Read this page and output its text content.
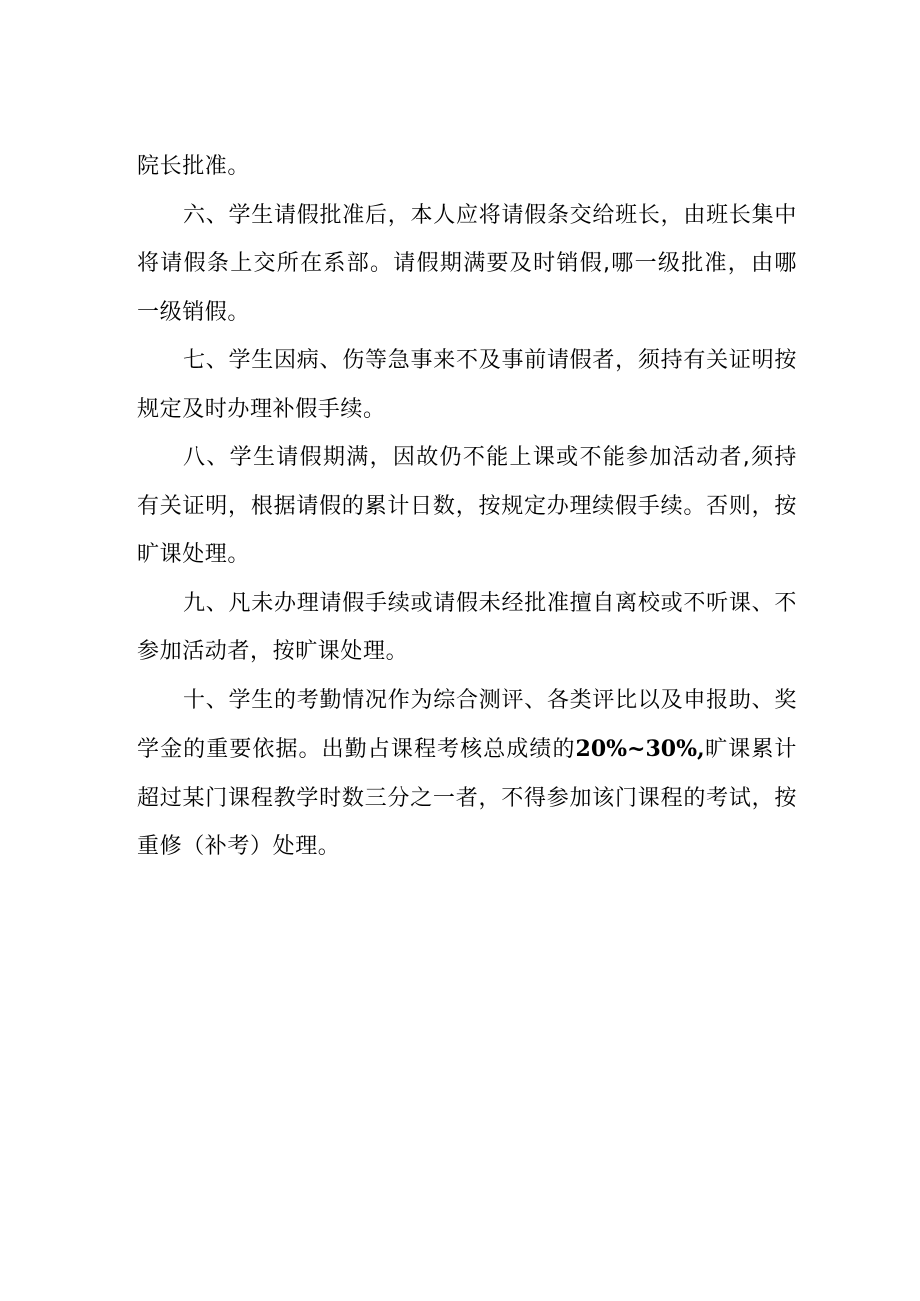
院长批准。

六、学生请假批准后，本人应将请假条交给班长，由班长集中将请假条上交所在系部。请假期满要及时销假,哪一级批准，由哪一级销假。

七、学生因病、伤等急事来不及事前请假者，须持有关证明按规定及时办理补假手续。

八、学生请假期满，因故仍不能上课或不能参加活动者,须持有关证明，根据请假的累计日数，按规定办理续假手续。否则，按旷课处理。

九、凡未办理请假手续或请假未经批准擅自离校或不听课、不参加活动者，按旷课处理。

十、学生的考勤情况作为综合测评、各类评比以及申报助、奖学金的重要依据。出勤占课程考核总成绩的20%~30%,旷课累计超过某门课程教学时数三分之一者，不得参加该门课程的考试，按重修（补考）处理。
